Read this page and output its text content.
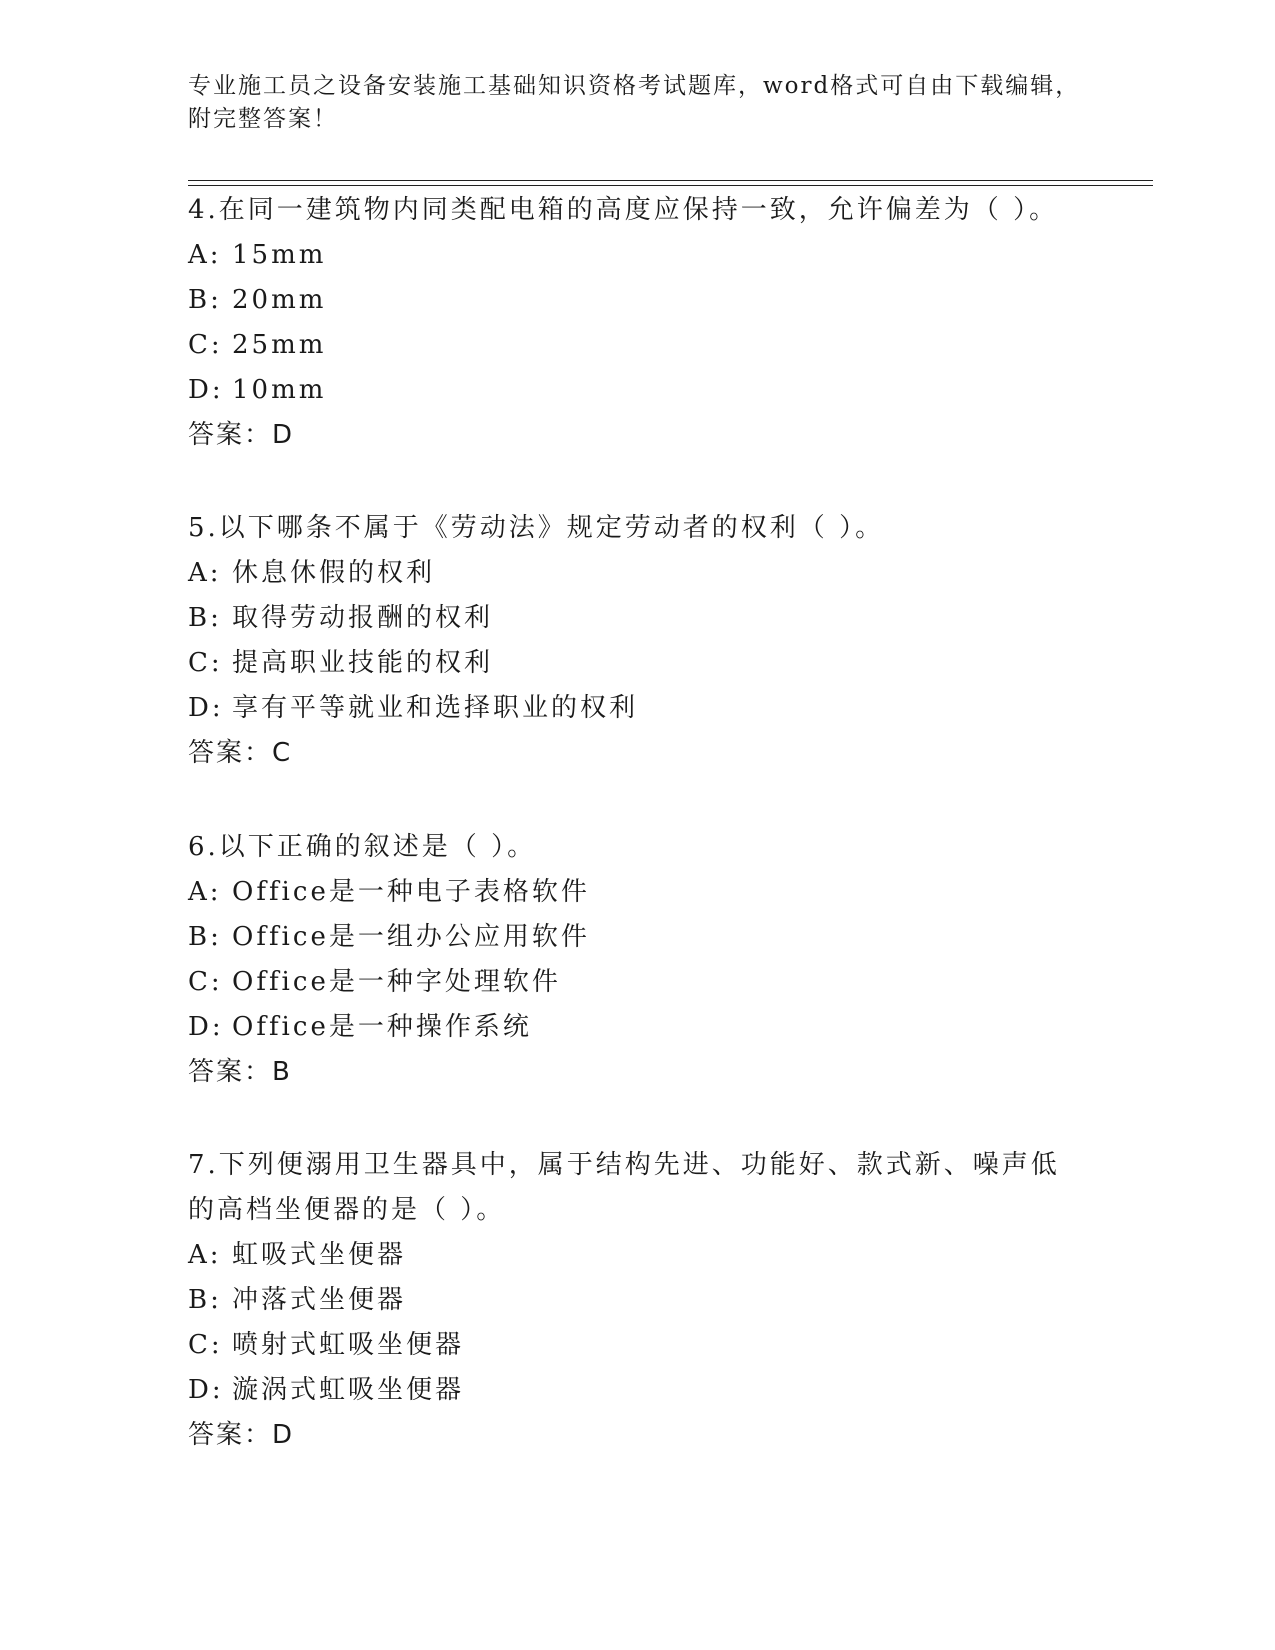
专业施工员之设备安装施工基础知识资格考试题库，word格式可自由下载编辑，
附完整答案！
4.在同一建筑物内同类配电箱的高度应保持一致，允许偏差为（ ）。
A: 15mm
B: 20mm
C: 25mm
D: 10mm
答案：D
5.以下哪条不属于《劳动法》规定劳动者的权利（ ）。
A: 休息休假的权利
B: 取得劳动报酬的权利
C: 提高职业技能的权利
D: 享有平等就业和选择职业的权利
答案：C
6.以下正确的叙述是（ ）。
A: Office是一种电子表格软件
B: Office是一组办公应用软件
C: Office是一种字处理软件
D: Office是一种操作系统
答案：B
7.下列便溺用卫生器具中，属于结构先进、功能好、款式新、噪声低
的高档坐便器的是（ ）。
A: 虹吸式坐便器
B: 冲落式坐便器
C: 喷射式虹吸坐便器
D: 漩涡式虹吸坐便器
答案：D
